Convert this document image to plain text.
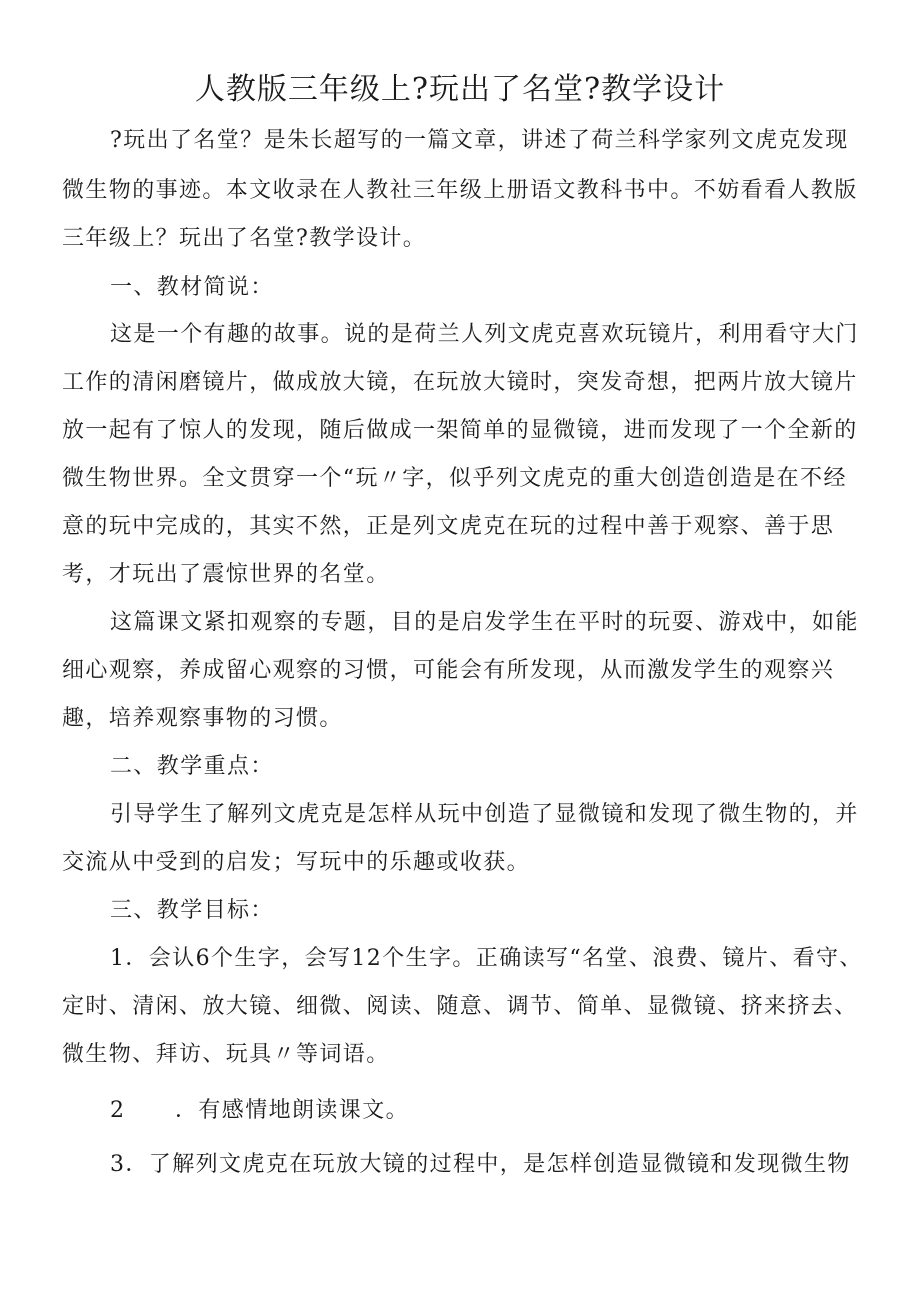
人教版三年级上?玩出了名堂?教学设计

?玩出了名堂？是朱长超写的一篇文章，讲述了荷兰科学家列文虎克发现

微生物的事迹。本文收录在人教社三年级上册语文教科书中。不妨看看人教版

三年级上？玩出了名堂?教学设计。

一、教材简说：

这是一个有趣的故事。说的是荷兰人列文虎克喜欢玩镜片，利用看守大门

工作的清闲磨镜片，做成放大镜，在玩放大镜时，突发奇想，把两片放大镜片

放一起有了惊人的发现，随后做成一架简单的显微镜，进而发现了一个全新的

微生物世界。全文贯穿一个“玩〃字，似乎列文虎克的重大创造创造是在不经

意的玩中完成的，其实不然，正是列文虎克在玩的过程中善于观察、善于思

考，才玩出了震惊世界的名堂。

这篇课文紧扣观察的专题，目的是启发学生在平时的玩耍、游戏中，如能

细心观察，养成留心观察的习惯，可能会有所发现，从而激发学生的观察兴

趣，培养观察事物的习惯。

二、教学重点：

引导学生了解列文虎克是怎样从玩中创造了显微镜和发现了微生物的，并

交流从中受到的启发；写玩中的乐趣或收获。

三、教学目标：

1．会认6个生字，会写12个生字。正确读写“名堂、浪费、镜片、看守、

定时、清闲、放大镜、细微、阅读、随意、调节、简单、显微镜、挤来挤去、

微生物、拜访、玩具〃等词语。

2 ．有感情地朗读课文。

3．了解列文虎克在玩放大镜的过程中，是怎样创造显微镜和发现微生物
